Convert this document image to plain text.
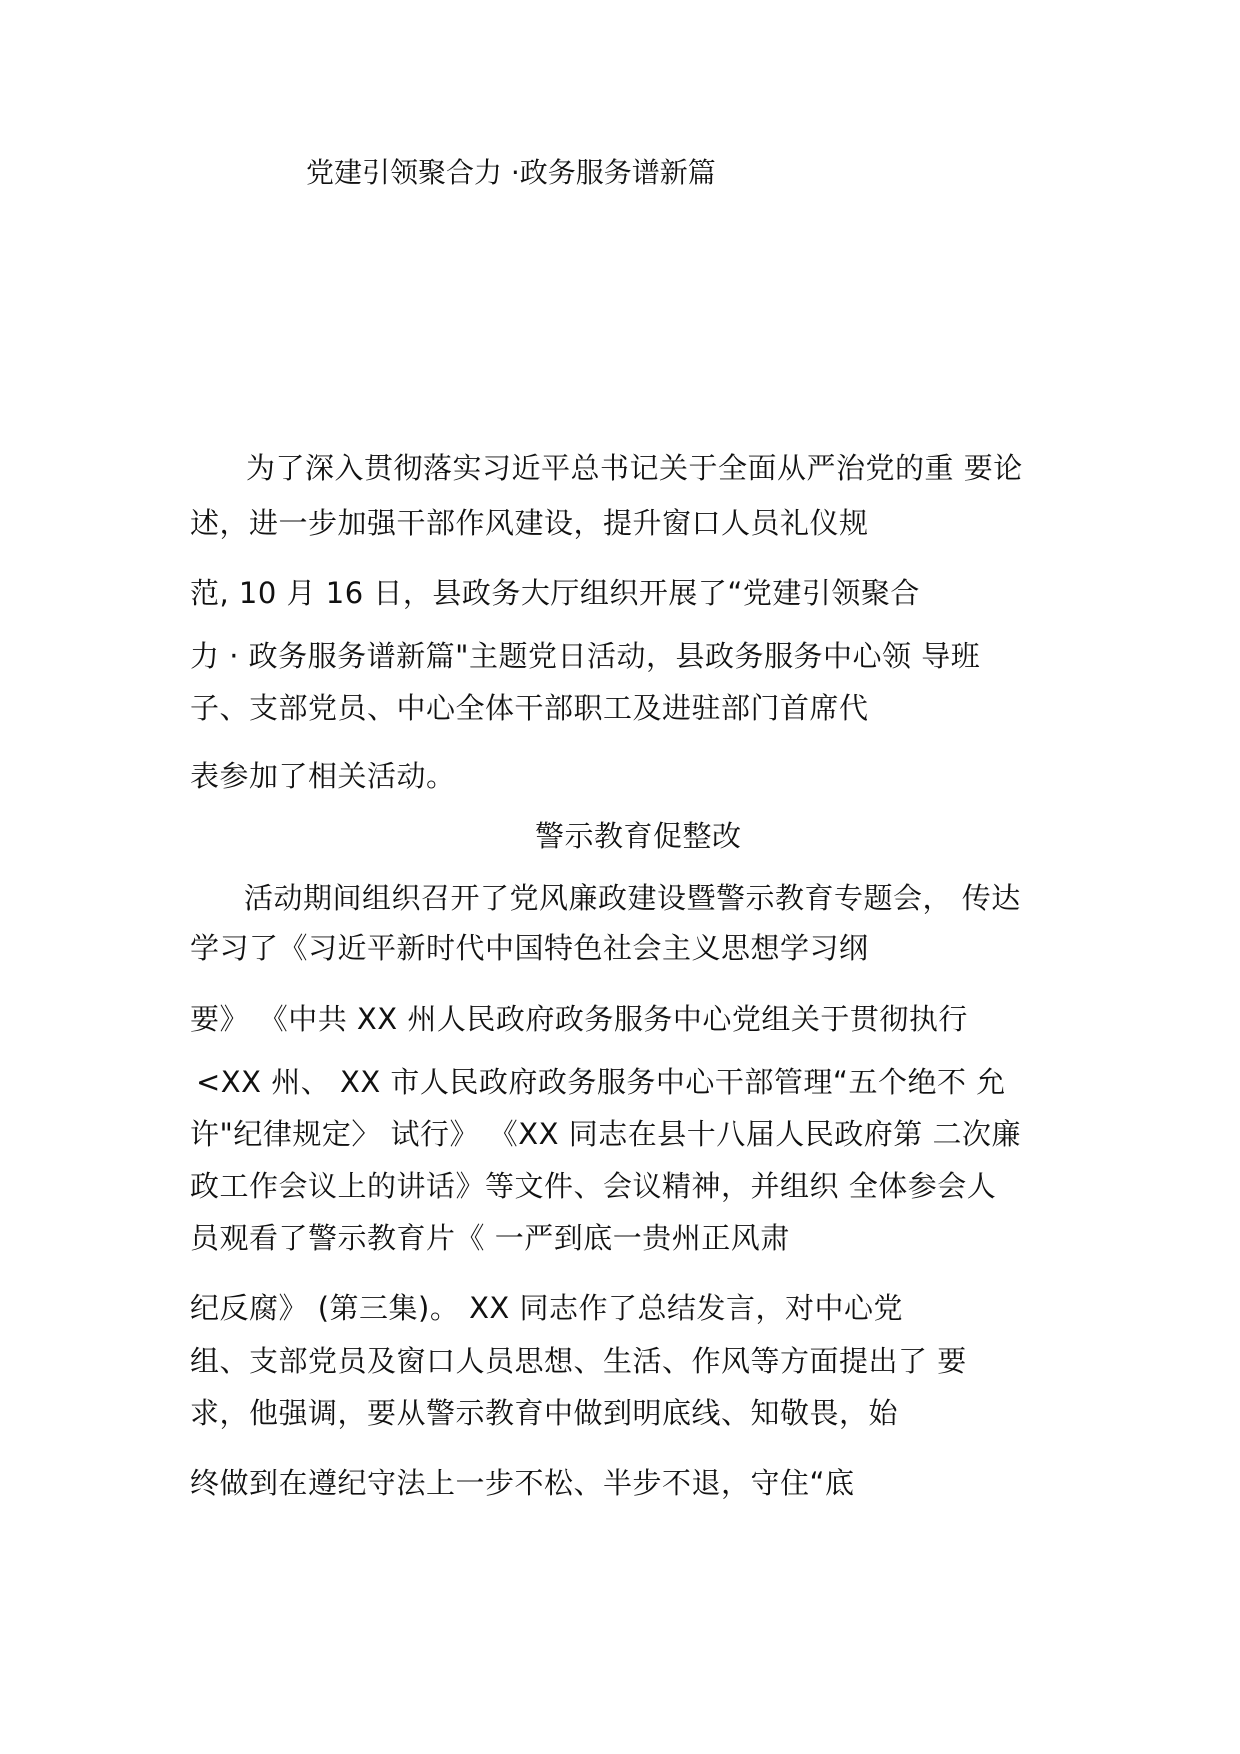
党建引领聚合力 ·政务服务谱新篇
为了深入贯彻落实习近平总书记关于全面从严治党的重 要论
述，进一步加强干部作风建设，提升窗口人员礼仪规
范, 10 月 16 日，县政务大厅组织开展了“党建引领聚合
力 · 政务服务谱新篇"主题党日活动，县政务服务中心领 导班
子、支部党员、中心全体干部职工及进驻部门首席代
表参加了相关活动。
警示教育促整改
活动期间组织召开了党风廉政建设暨警示教育专题会， 传达
学习了《习近平新时代中国特色社会主义思想学习纲
要》 《中共 XX 州人民政府政务服务中心党组关于贯彻执行
<XX 州、 XX 市人民政府政务服务中心干部管理“五个绝不 允
许"纪律规定〉 试行》 《XX 同志在县十八届人民政府第 二次廉
政工作会议上的讲话》等文件、会议精神，并组织 全体参会人
员观看了警示教育片《 一严到底一贵州正风肃
纪反腐》 (第三集)。 XX 同志作了总结发言，对中心党
组、支部党员及窗口人员思想、生活、作风等方面提出了 要
求，他强调，要从警示教育中做到明底线、知敬畏，始
终做到在遵纪守法上一步不松、半步不退，守住“底
